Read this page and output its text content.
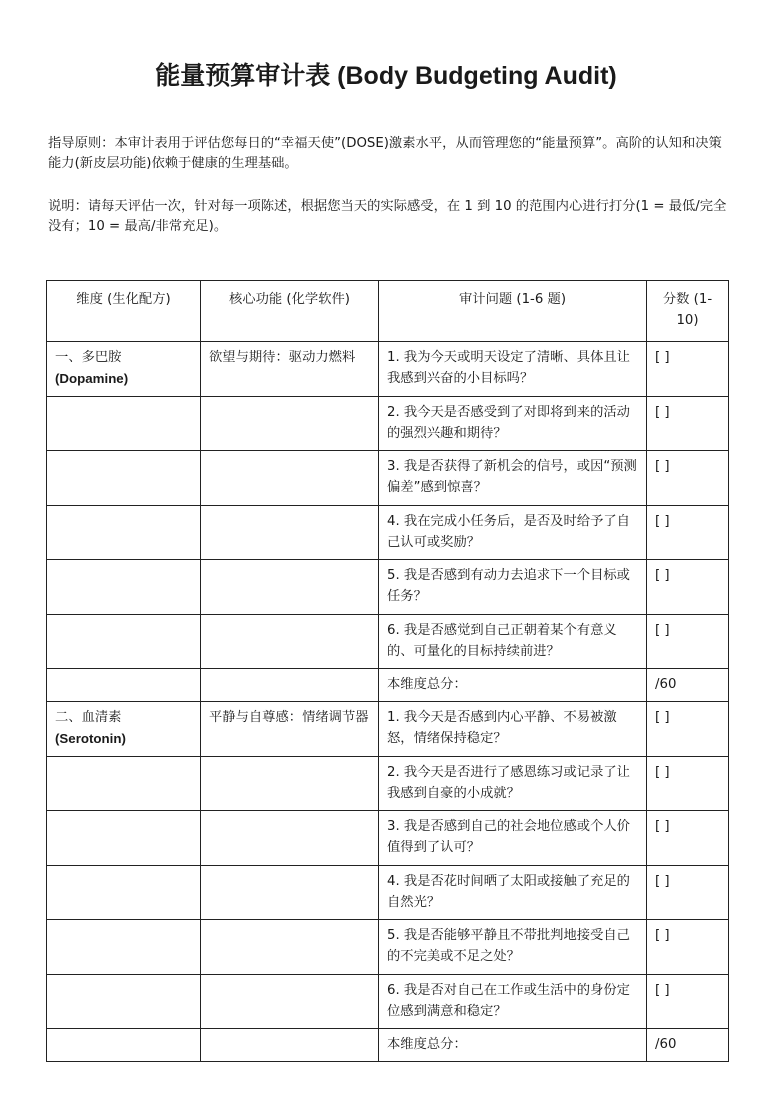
能量预算审计表 (Body Budgeting Audit)
指导原则：本审计表用于评估您每日的“幸福天使”(DOSE)激素水平，从而管理您的“能量预算”。高阶的认知和决策能力(新皮层功能)依赖于健康的生理基础。
说明：请每天评估一次，针对每一项陈述，根据您当天的实际感受，在 1 到 10 的范围内心进行打分(1 = 最低/完全没有；10 = 最高/非常充足)。
维度 (生化配方)	核心功能 (化学软件)	审计问题 (1-6 题)	分数 (1-10)

一、多巴胺
(Dopamine)	欲望与期待：驱动力燃料	1. 我为今天或明天设定了清晰、具体且让我感到兴奋的小目标吗？	[ ]
		2. 我今天是否感受到了对即将到来的活动的强烈兴趣和期待？	[ ]
		3. 我是否获得了新机会的信号，或因“预测偏差”感到惊喜？	[ ]
		4. 我在完成小任务后，是否及时给予了自己认可或奖励？	[ ]
		5. 我是否感到有动力去追求下一个目标或任务？	[ ]
		6. 我是否感觉到自己正朝着某个有意义的、可量化的目标持续前进？	[ ]
		本维度总分：	/60

二、血清素
(Serotonin)	平静与自尊感：情绪调节器	1. 我今天是否感到内心平静、不易被激怒，情绪保持稳定？	[ ]
		2. 我今天是否进行了感恩练习或记录了让我感到自豪的小成就？	[ ]
		3. 我是否感到自己的社会地位感或个人价值得到了认可？	[ ]
		4. 我是否花时间晒了太阳或接触了充足的自然光？	[ ]
		5. 我是否能够平静且不带批判地接受自己的不完美或不足之处？	[ ]
		6. 我是否对自己在工作或生活中的身份定位感到满意和稳定？	[ ]
		本维度总分：	/60
